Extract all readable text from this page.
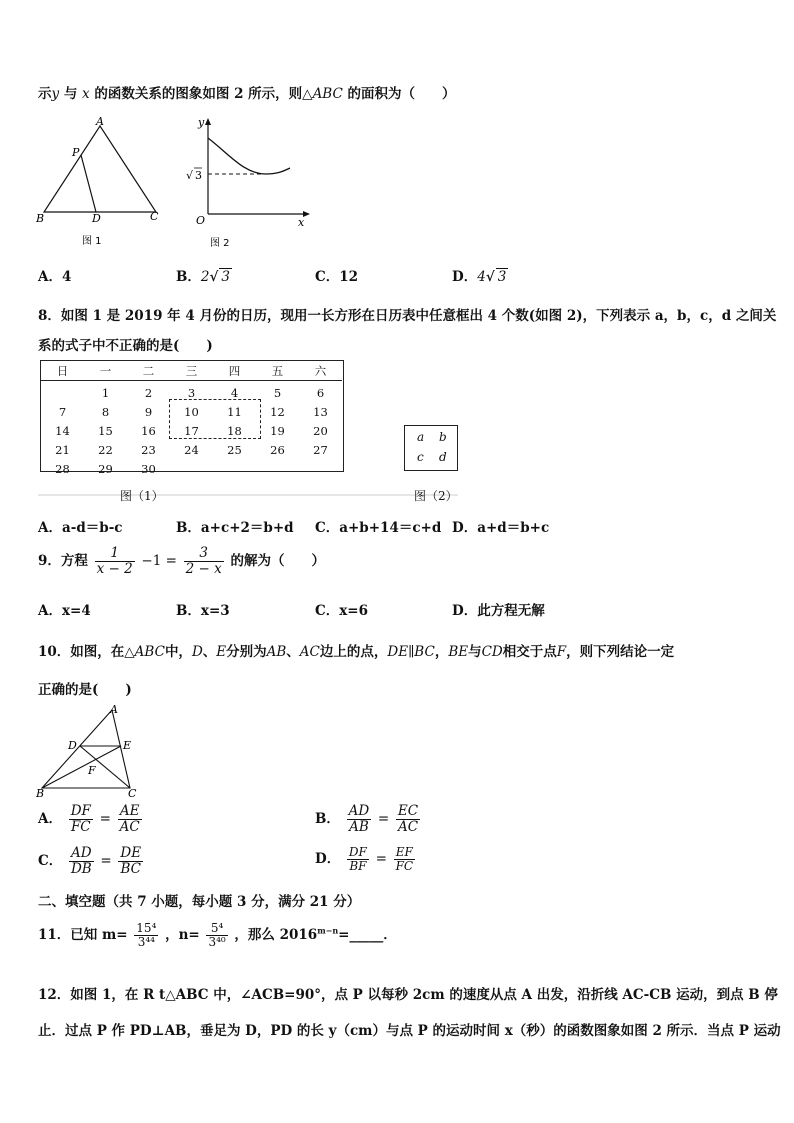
示y 与 x 的函数关系的图象如图 2 所示，则△ABC 的面积为（　　）
A
P
B	D	C
图 1
y
√ 3
O	x
图 2
A．4	B．2√ 3	C．12	D．4√ 3
8．如图 1 是 2019 年 4 月份的日历，现用一长方形在日历表中任意框出 4 个数(如图 2)，下列表示 a，b，c，d 之间关
系的式子中不正确的是(　　)
日	一	二	三	四	五	六

	1	2	3	4	5	6
7	8	9	10	11	12	13
14	15	16	17	18	19	20
21	22	23	24	25	26	27
28	29	30				
图（1）
a b
c d
图（2）
A．a-d＝b-c	B．a+c+2＝b+d C．a+b+14＝c+d D．a+d＝b+c
9．方程 $\frac{1}{x - 2} -1 = \frac{3}{2 - x}$ 的解为（　　）
A．x=4	B．x=3	C．x=6	D．此方程无解
10．如图，在△ABC中，D、E分别为AB、AC边上的点，DE∥BC，BE与CD相交于点F，则下列结论一定
正确的是(　　)
A
D	E
F
B	C
A． $\frac{DF}{FC} = \frac{AE}{AC}$	B． $\frac{AD}{AB} = \frac{EC}{AC}$
C． $\frac{AD}{DB} = \frac{DE}{BC}$	D． $\frac{DF}{BF} = \frac{EF}{FC}$
二、填空题（共 7 小题，每小题 3 分，满分 21 分）
11．已知 $m= \frac{\text{15⁴}}{\text{3⁴⁴}}$ ，$n= \frac{\text{5⁴}}{\text{3⁴⁰}}$ ，那么 $2016^{m-n}=\_\_\_\_\_$．
12．如图 1，在 R t△ABC 中，∠ACB=90°，点 P 以每秒 2cm 的速度从点 A 出发，沿折线 AC-CB 运动，到点 B 停
止．过点 P 作 PD⊥AB，垂足为 D，PD 的长 y（cm）与点 P 的运动时间 x（秒）的函数图象如图 2 所示．当点 P 运动
